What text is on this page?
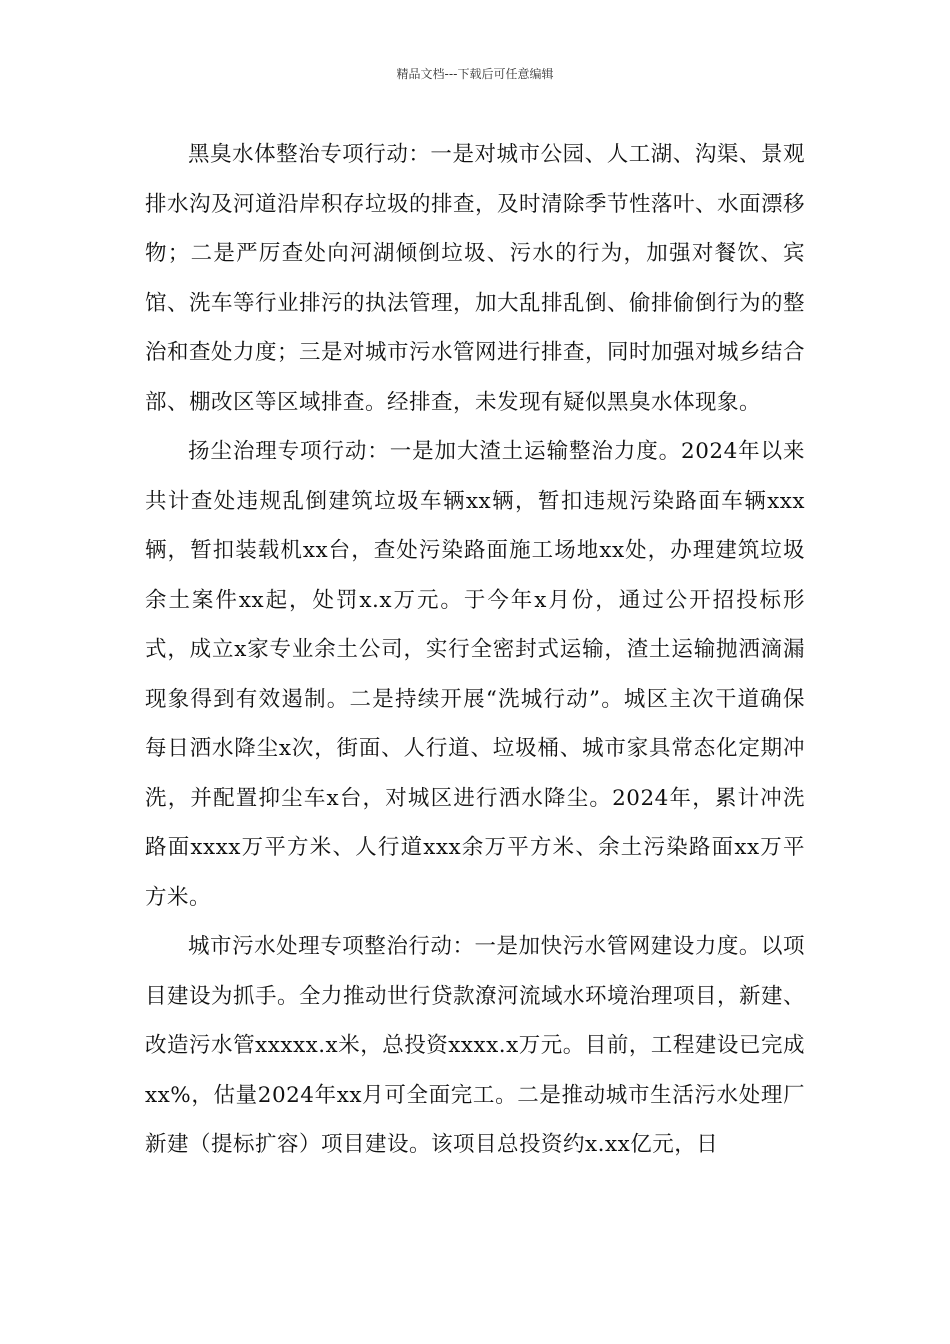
精品文档---下载后可任意编辑

黑臭水体整治专项行动：一是对城市公园、人工湖、沟渠、景观排水沟及河道沿岸积存垃圾的排查，及时清除季节性落叶、水面漂移物；二是严厉查处向河湖倾倒垃圾、污水的行为，加强对餐饮、宾馆、洗车等行业排污的执法管理，加大乱排乱倒、偷排偷倒行为的整治和查处力度；三是对城市污水管网进行排查，同时加强对城乡结合部、棚改区等区域排查。经排查，未发现有疑似黑臭水体现象。

扬尘治理专项行动：一是加大渣土运输整治力度。2024年以来共计查处违规乱倒建筑垃圾车辆xx辆，暂扣违规污染路面车辆xxx辆，暂扣装载机xx台，查处污染路面施工场地xx处，办理建筑垃圾余土案件xx起，处罚x.x万元。于今年x月份，通过公开招投标形式，成立x家专业余土公司，实行全密封式运输，渣土运输抛洒滴漏现象得到有效遏制。二是持续开展“洗城行动”。城区主次干道确保每日洒水降尘x次，街面、人行道、垃圾桶、城市家具常态化定期冲洗，并配置抑尘车x台，对城区进行洒水降尘。2024年，累计冲洗路面xxxx万平方米、人行道xxx余万平方米、余土污染路面xx万平方米。

城市污水处理专项整治行动：一是加快污水管网建设力度。以项目建设为抓手。全力推动世行贷款潦河流域水环境治理项目，新建、改造污水管xxxxx.x米，总投资xxxx.x万元。目前，工程建设已完成xx%，估量2024年xx月可全面完工。二是推动城市生活污水处理厂新建（提标扩容）项目建设。该项目总投资约x.xx亿元，日
